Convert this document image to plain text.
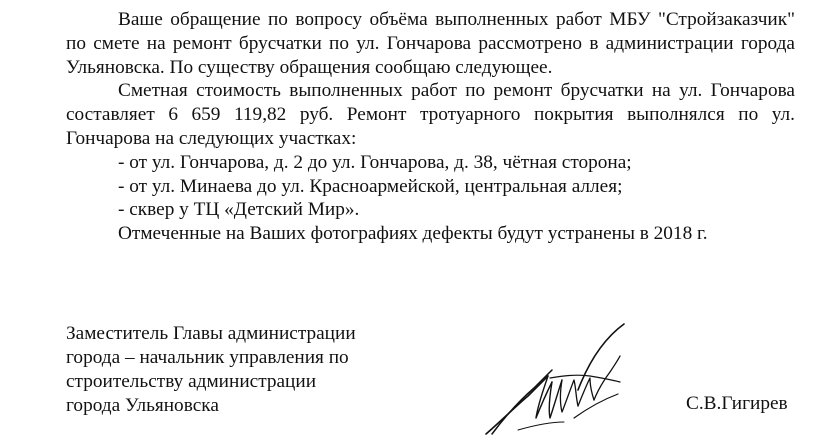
Ваше обращение по вопросу объёма выполненных работ МБУ "Стройзаказчик" по смете на ремонт брусчатки по ул. Гончарова рассмотрено в администрации города Ульяновска. По существу обращения сообщаю следующее.

Сметная стоимость выполненных работ по ремонт брусчатки на ул. Гончарова составляет 6 659 119,82 руб. Ремонт тротуарного покрытия выполнялся по ул. Гончарова на следующих участках:

- от ул. Гончарова, д. 2 до ул. Гончарова, д. 38, чётная сторона;

- от ул. Минаева до ул. Красноармейской, центральная аллея;

- сквер у ТЦ «Детский Мир».

Отмеченные на Ваших фотографиях дефекты будут устранены в 2018 г.

Заместитель Главы администрации
города – начальник управления по
строительству администрации
города Ульяновска	С.В.Гигирев
